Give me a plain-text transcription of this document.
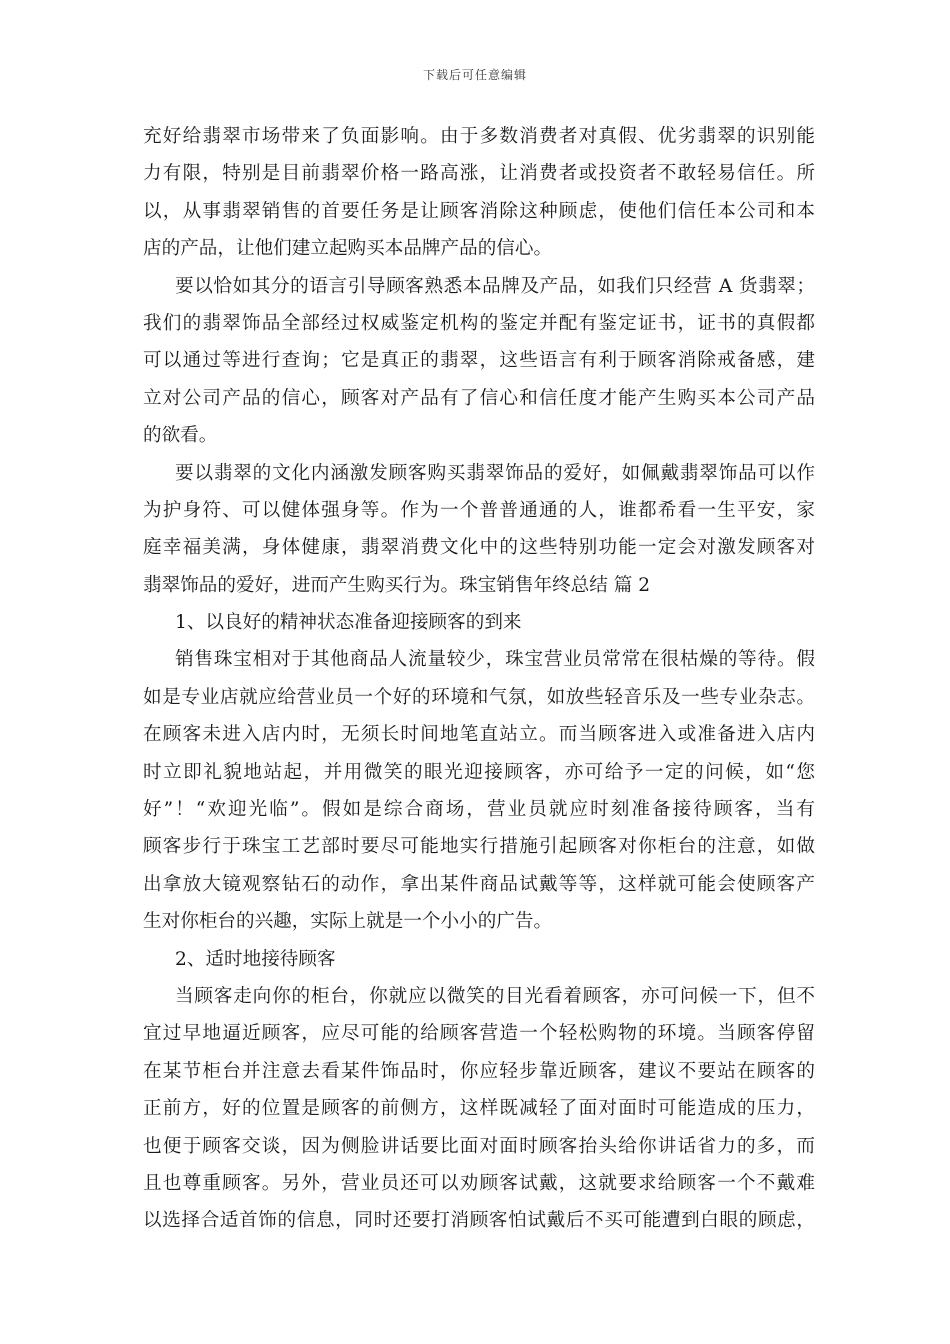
下载后可任意编辑
充好给翡翠市场带来了负面影响。由于多数消费者对真假、优劣翡翠的识别能
力有限，特别是目前翡翠价格一路高涨，让消费者或投资者不敢轻易信任。所
以，从事翡翠销售的首要任务是让顾客消除这种顾虑，使他们信任本公司和本
店的产品，让他们建立起购买本品牌产品的信心。
要以恰如其分的语言引导顾客熟悉本品牌及产品，如我们只经营 A 货翡翠；
我们的翡翠饰品全部经过权威鉴定机构的鉴定并配有鉴定证书，证书的真假都
可以通过等进行查询；它是真正的翡翠，这些语言有利于顾客消除戒备感，建
立对公司产品的信心，顾客对产品有了信心和信任度才能产生购买本公司产品
的欲看。
要以翡翠的文化内涵激发顾客购买翡翠饰品的爱好，如佩戴翡翠饰品可以作
为护身符、可以健体强身等。作为一个普普通通的人，谁都希看一生平安，家
庭幸福美满，身体健康，翡翠消费文化中的这些特别功能一定会对激发顾客对
翡翠饰品的爱好，进而产生购买行为。珠宝销售年终总结 篇 2
1、以良好的精神状态准备迎接顾客的到来
销售珠宝相对于其他商品人流量较少，珠宝营业员常常在很枯燥的等待。假
如是专业店就应给营业员一个好的环境和气氛，如放些轻音乐及一些专业杂志。
在顾客未进入店内时，无须长时间地笔直站立。而当顾客进入或准备进入店内
时立即礼貌地站起，并用微笑的眼光迎接顾客，亦可给予一定的问候，如“您
好”！“欢迎光临”。假如是综合商场，营业员就应时刻准备接待顾客，当有
顾客步行于珠宝工艺部时要尽可能地实行措施引起顾客对你柜台的注意，如做
出拿放大镜观察钻石的动作，拿出某件商品试戴等等，这样就可能会使顾客产
生对你柜台的兴趣，实际上就是一个小小的广告。
2、适时地接待顾客
当顾客走向你的柜台，你就应以微笑的目光看着顾客，亦可问候一下，但不
宜过早地逼近顾客，应尽可能的给顾客营造一个轻松购物的环境。当顾客停留
在某节柜台并注意去看某件饰品时，你应轻步靠近顾客，建议不要站在顾客的
正前方，好的位置是顾客的前侧方，这样既减轻了面对面时可能造成的压力，
也便于顾客交谈，因为侧脸讲话要比面对面时顾客抬头给你讲话省力的多，而
且也尊重顾客。另外，营业员还可以劝顾客试戴，这就要求给顾客一个不戴难
以选择合适首饰的信息，同时还要打消顾客怕试戴后不买可能遭到白眼的顾虑，
